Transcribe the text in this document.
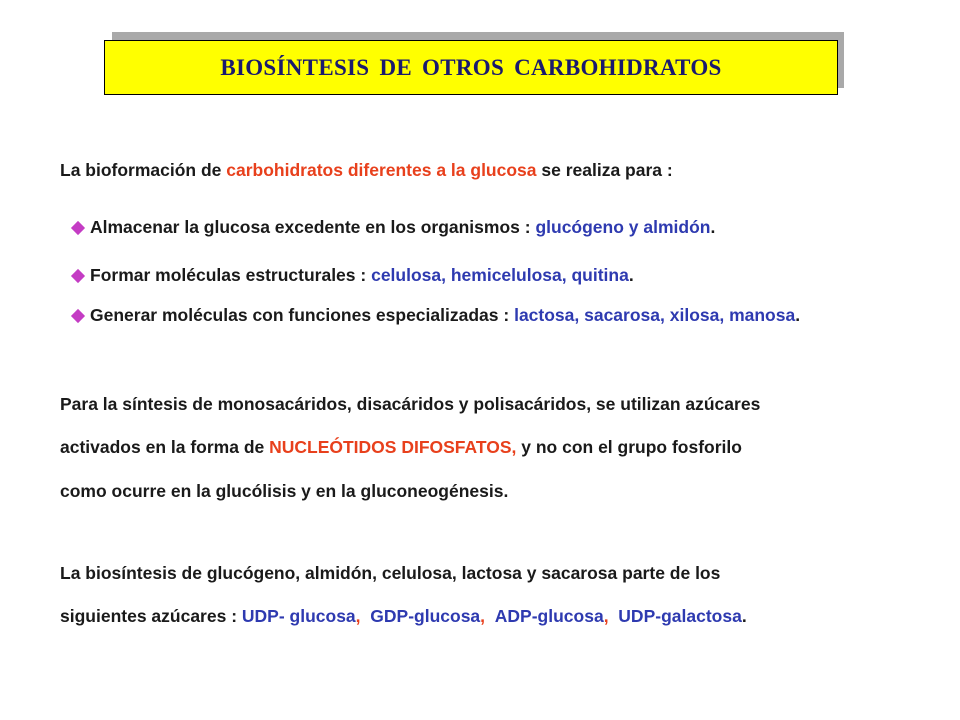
BIOSÍNTESIS DE OTROS CARBOHIDRATOS
La bioformación de carbohidratos diferentes a la glucosa se realiza para :
Almacenar la glucosa excedente en los organismos :
glucógeno y almidón .
Formar moléculas estructurales :
celulosa, hemicelulosa, quitina .
Generar moléculas con funciones especializadas :
lactosa, sacarosa, xilosa, manosa .
Para la síntesis de monosacáridos, disacáridos y polisacáridos, se utilizan azúcares
activados en la forma de NUCLEÓTIDOS DIFOSFATOS, y no con el grupo fosforilo
como ocurre en la glucólisis y en la gluconeogénesis.
La biosíntesis de glucógeno, almidón, celulosa, lactosa y sacarosa parte de los
siguientes azúcares : UDP- glucosa, GDP-glucosa, ADP-glucosa, UDP-galactosa.
